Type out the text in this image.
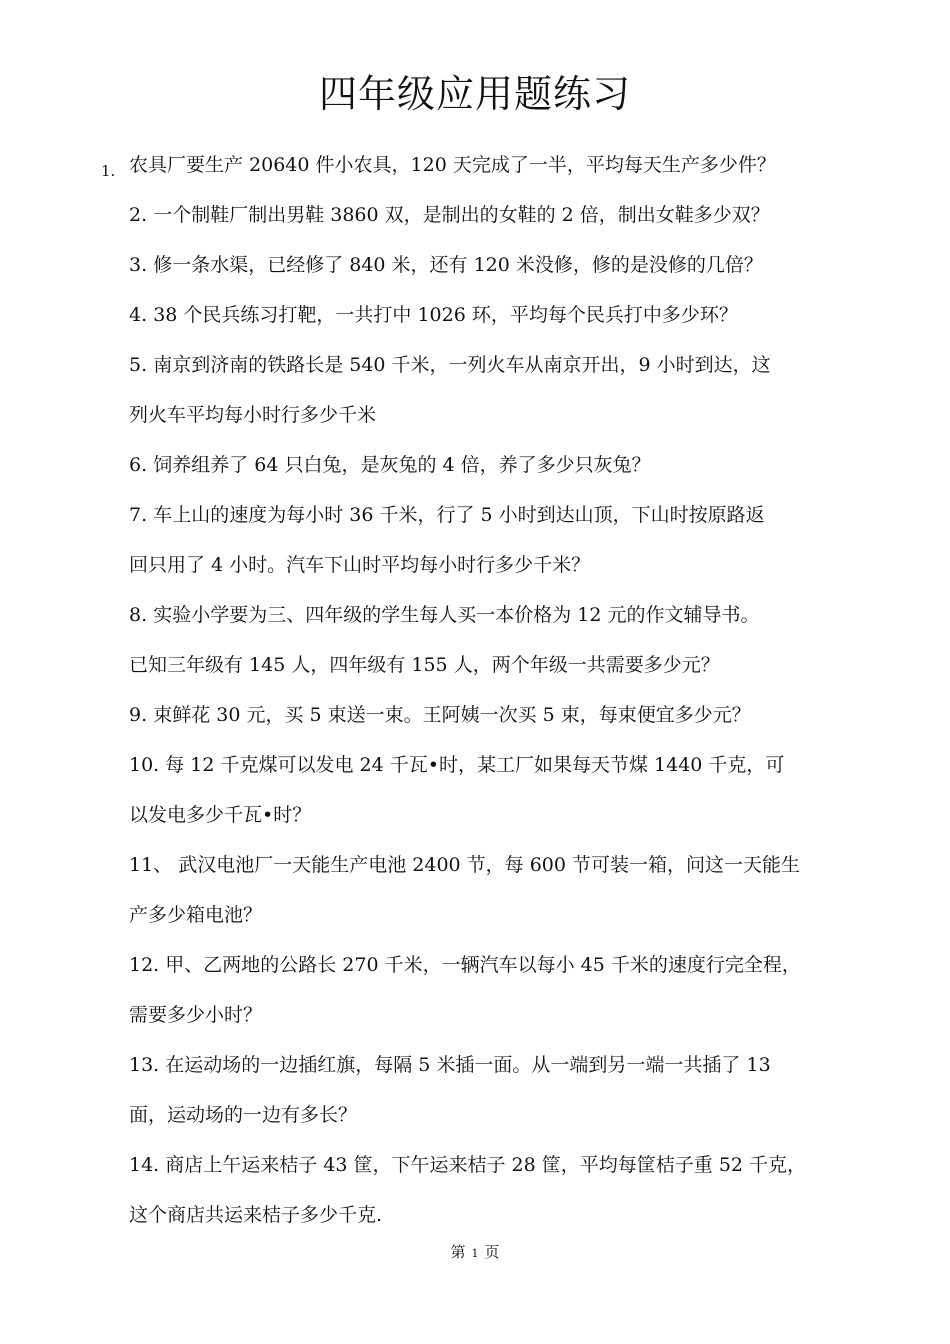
四年级应用题练习
1. 农具厂要生产 20640 件小农具，120 天完成了一半，平均每天生产多少件？
2. 一个制鞋厂制出男鞋 3860 双，是制出的女鞋的 2 倍，制出女鞋多少双？
3. 修一条水渠，已经修了 840 米，还有 120 米没修，修的是没修的几倍？
4. 38 个民兵练习打靶，一共打中 1026 环，平均每个民兵打中多少环？
5. 南京到济南的铁路长是 540 千米，一列火车从南京开出，9 小时到达，这
列火车平均每小时行多少千米
6. 饲养组养了 64 只白兔，是灰兔的 4 倍，养了多少只灰兔？
7. 车上山的速度为每小时 36 千米，行了 5 小时到达山顶，下山时按原路返
回只用了 4 小时。汽车下山时平均每小时行多少千米？
8. 实验小学要为三、四年级的学生每人买一本价格为 12 元的作文辅导书。
已知三年级有 145 人，四年级有 155 人，两个年级一共需要多少元？
9. 束鲜花 30 元，买 5 束送一束。王阿姨一次买 5 束，每束便宜多少元？
10. 每 12 千克煤可以发电 24 千瓦•时，某工厂如果每天节煤 1440 千克，可
以发电多少千瓦•时？
11、 武汉电池厂一天能生产电池 2400 节，每 600 节可装一箱，问这一天能生
产多少箱电池？
12. 甲、乙两地的公路长 270 千米，一辆汽车以每小 45 千米的速度行完全程，
需要多少小时？
13. 在运动场的一边插红旗，每隔 5 米插一面。从一端到另一端一共插了 13
面，运动场的一边有多长？
14. 商店上午运来桔子 43 筐，下午运来桔子 28 筐，平均每筐桔子重 52 千克，
这个商店共运来桔子多少千克.
第 1 页
